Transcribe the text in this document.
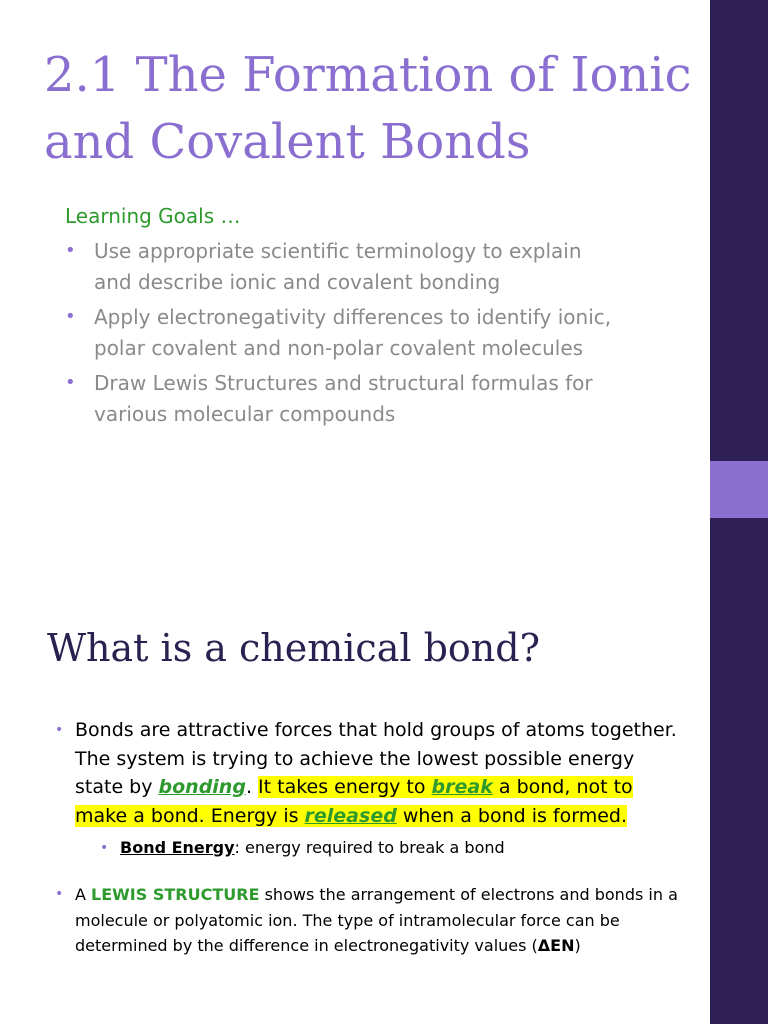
2.1 The Formation of Ionic and Covalent Bonds

Learning Goals …

• Use appropriate scientific terminology to explain and describe ionic and covalent bonding
• Apply electronegativity differences to identify ionic, polar covalent and non-polar covalent molecules
• Draw Lewis Structures and structural formulas for various molecular compounds
What is a chemical bond?
• Bonds are attractive forces that hold groups of atoms together. The system is trying to achieve the lowest possible energy state by bonding. It takes energy to break a bond, not to make a bond. Energy is released when a bond is formed.
• Bond Energy: energy required to break a bond
• A LEWIS STRUCTURE shows the arrangement of electrons and bonds in a molecule or polyatomic ion. The type of intramolecular force can be determined by the difference in electronegativity values (ΔEN)
